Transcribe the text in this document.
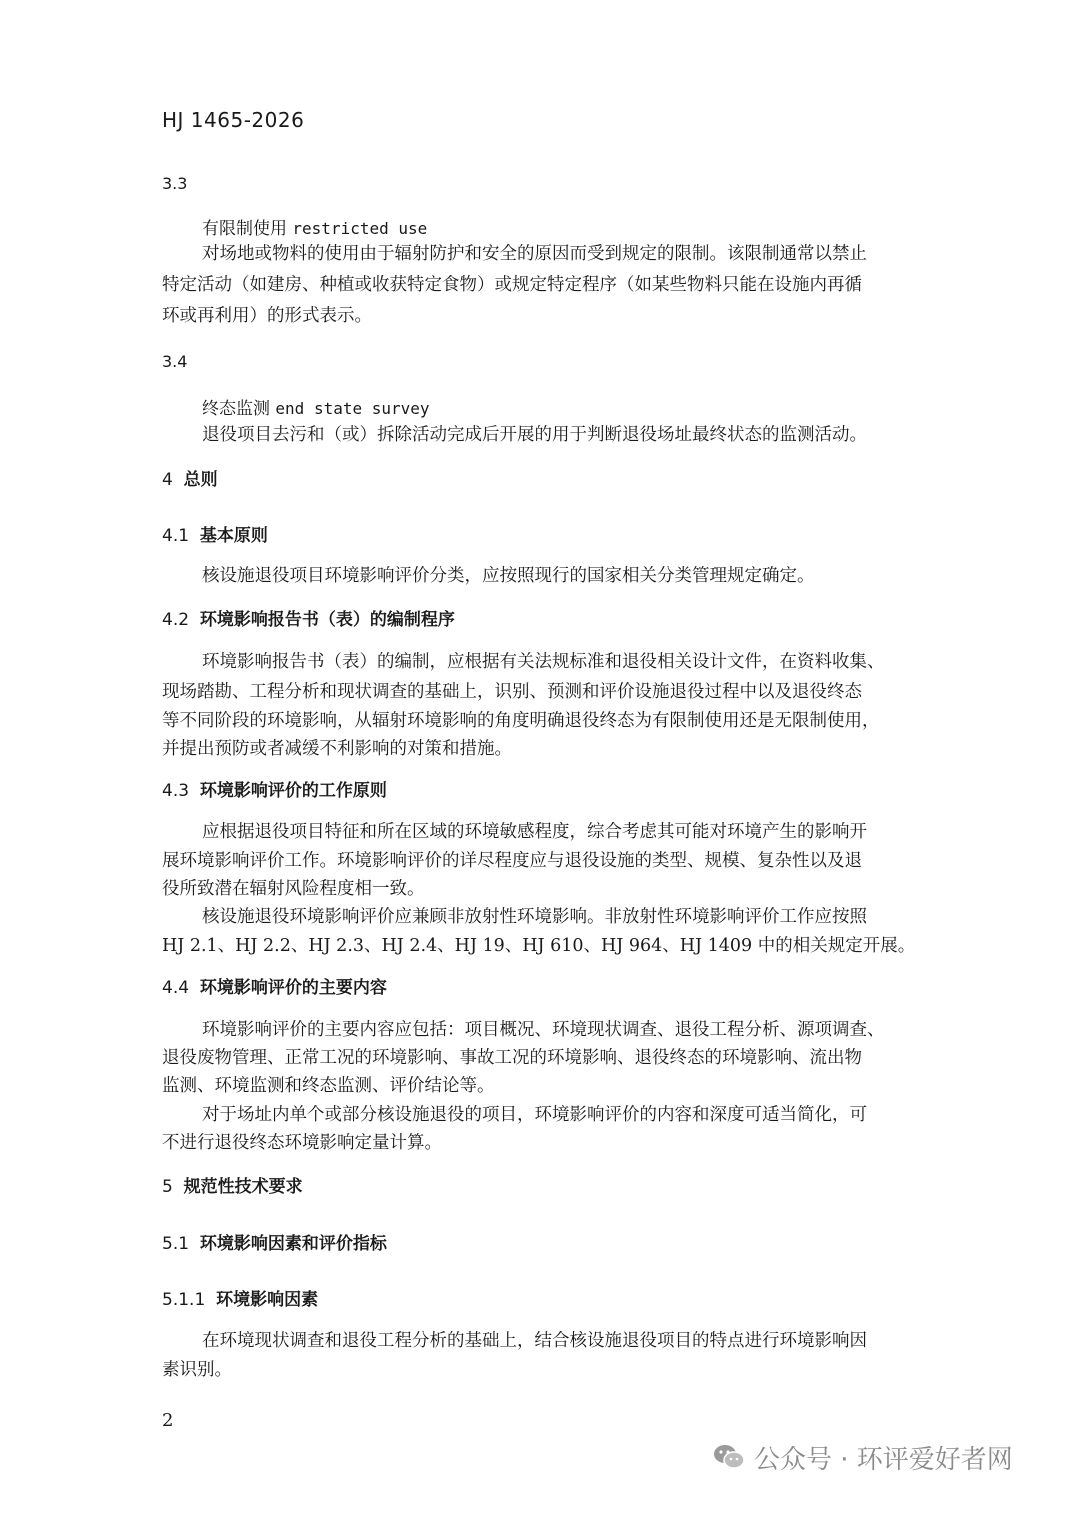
HJ 1465-2026
3.3
有限制使用 restricted use
对场地或物料的使用由于辐射防护和安全的原因而受到规定的限制。该限制通常以禁止
特定活动（如建房、种植或收获特定食物）或规定特定程序（如某些物料只能在设施内再循
环或再利用）的形式表示。
3.4
终态监测 end state survey
退役项目去污和（或）拆除活动完成后开展的用于判断退役场址最终状态的监测活动。
4 总则
4.1 基本原则
核设施退役项目环境影响评价分类，应按照现行的国家相关分类管理规定确定。
4.2 环境影响报告书（表）的编制程序
环境影响报告书（表）的编制，应根据有关法规标准和退役相关设计文件，在资料收集、
现场踏勘、工程分析和现状调查的基础上，识别、预测和评价设施退役过程中以及退役终态
等不同阶段的环境影响，从辐射环境影响的角度明确退役终态为有限制使用还是无限制使用，
并提出预防或者减缓不利影响的对策和措施。
4.3 环境影响评价的工作原则
应根据退役项目特征和所在区域的环境敏感程度，综合考虑其可能对环境产生的影响开
展环境影响评价工作。环境影响评价的详尽程度应与退役设施的类型、规模、复杂性以及退
役所致潜在辐射风险程度相一致。
核设施退役环境影响评价应兼顾非放射性环境影响。非放射性环境影响评价工作应按照
HJ 2.1、HJ 2.2、HJ 2.3、HJ 2.4、HJ 19、HJ 610、HJ 964、HJ 1409 中的相关规定开展。
4.4 环境影响评价的主要内容
环境影响评价的主要内容应包括：项目概况、环境现状调查、退役工程分析、源项调查、
退役废物管理、正常工况的环境影响、事故工况的环境影响、退役终态的环境影响、流出物
监测、环境监测和终态监测、评价结论等。
对于场址内单个或部分核设施退役的项目，环境影响评价的内容和深度可适当简化，可
不进行退役终态环境影响定量计算。
5 规范性技术要求
5.1 环境影响因素和评价指标
5.1.1 环境影响因素
在环境现状调查和退役工程分析的基础上，结合核设施退役项目的特点进行环境影响因
素识别。
2
公众号 · 环评爱好者网
